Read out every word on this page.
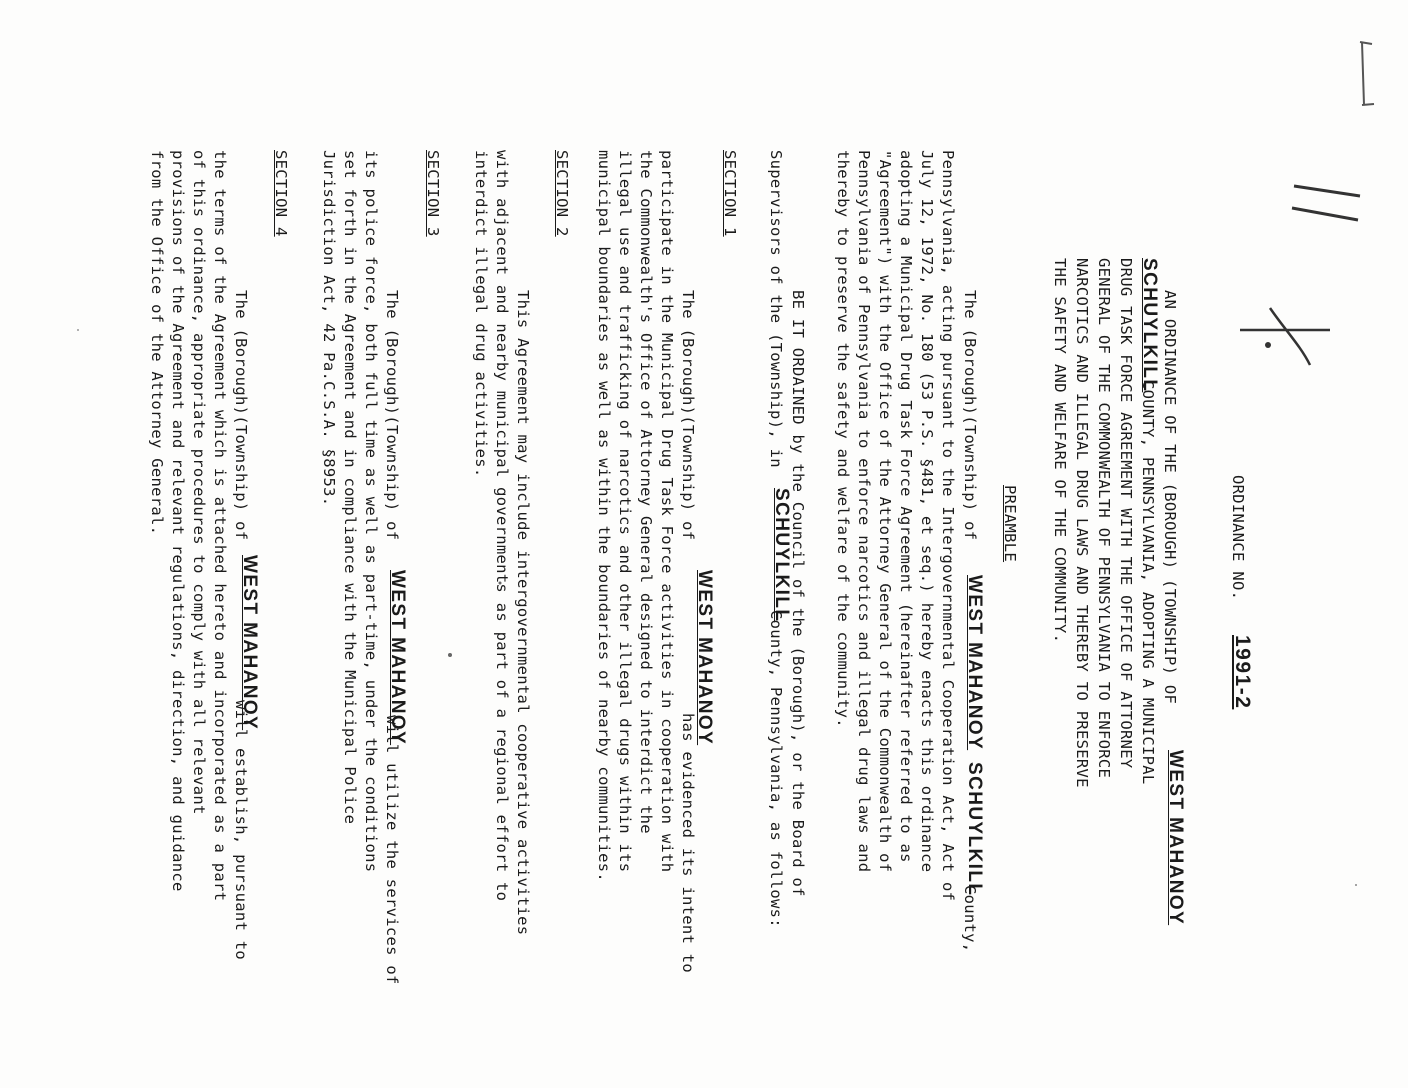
ORDINANCE NO.
1991-2
AN ORDINANCE OF THE (BOROUGH) (TOWNSHIP) OF
WEST MAHANOY
SCHUYLKILL
COUNTY, PENNSYLVANIA, ADOPTING A MUNICIPAL
DRUG TASK FORCE AGREEMENT WITH THE OFFICE OF ATTORNEY
GENERAL OF THE COMMONWEALTH OF PENNSYLVANIA TO ENFORCE
NARCOTICS AND ILLEGAL DRUG LAWS AND THEREBY TO PRESERVE
THE SAFETY AND WELFARE OF THE COMMUNITY.
PREAMBLE
The (Borough)(Township) of
WEST MAHANOY
SCHUYLKILL
County,
Pennsylvania, acting pursuant to the Intergovernmental Cooperation Act, Act of
July 12, 1972, No. 180 (53 P.S. §481, et seq.) hereby enacts this ordinance
adopting a Municipal Drug Task Force Agreement (hereinafter referred to as
"Agreement") with the Office of the Attorney General of the Commonwealth of
Pennsylvania of Pennsylvania to enforce narcotics and illegal drug laws and
thereby to preserve the safety and welfare of the community.
BE IT ORDAINED by the Council of the (Borough), or the Board of
Supervisors of the (Township), in
SCHUYLKILL
County, Pennsylvania, as follows:
SECTION 1
The (Borough)(Township) of
WEST MAHANOY
has evidenced its intent to
participate in the Municipal Drug Task Force activities in cooperation with
the Commonwealth's Office of Attorney General designed to interdict the
illegal use and trafficking of narcotics and other illegal drugs within its
municipal boundaries as well as within the boundaries of nearby communities.
SECTION 2
This Agreement may include intergovernmental cooperative activities
with adjacent and nearby municipal governments as part of a regional effort to
interdict illegal drug activities.
SECTION 3
The (Borough)(Township) of
WEST MAHANOY
will utilize the services of
its police force, both full time as well as part-time, under the conditions
set forth in the Agreement and in compliance with the Municipal Police
Jurisdiction Act, 42 Pa.C.S.A. §8953.
SECTION 4
The (Borough)(Township) of
WEST MAHANOY
will establish, pursuant to
the terms of the Agreement which is attached hereto and incorporated as a part
of this ordinance, appropriate procedures to comply with all relevant
provisions of the Agreement and relevant regulations, direction, and guidance
from the Office of the Attorney General.
